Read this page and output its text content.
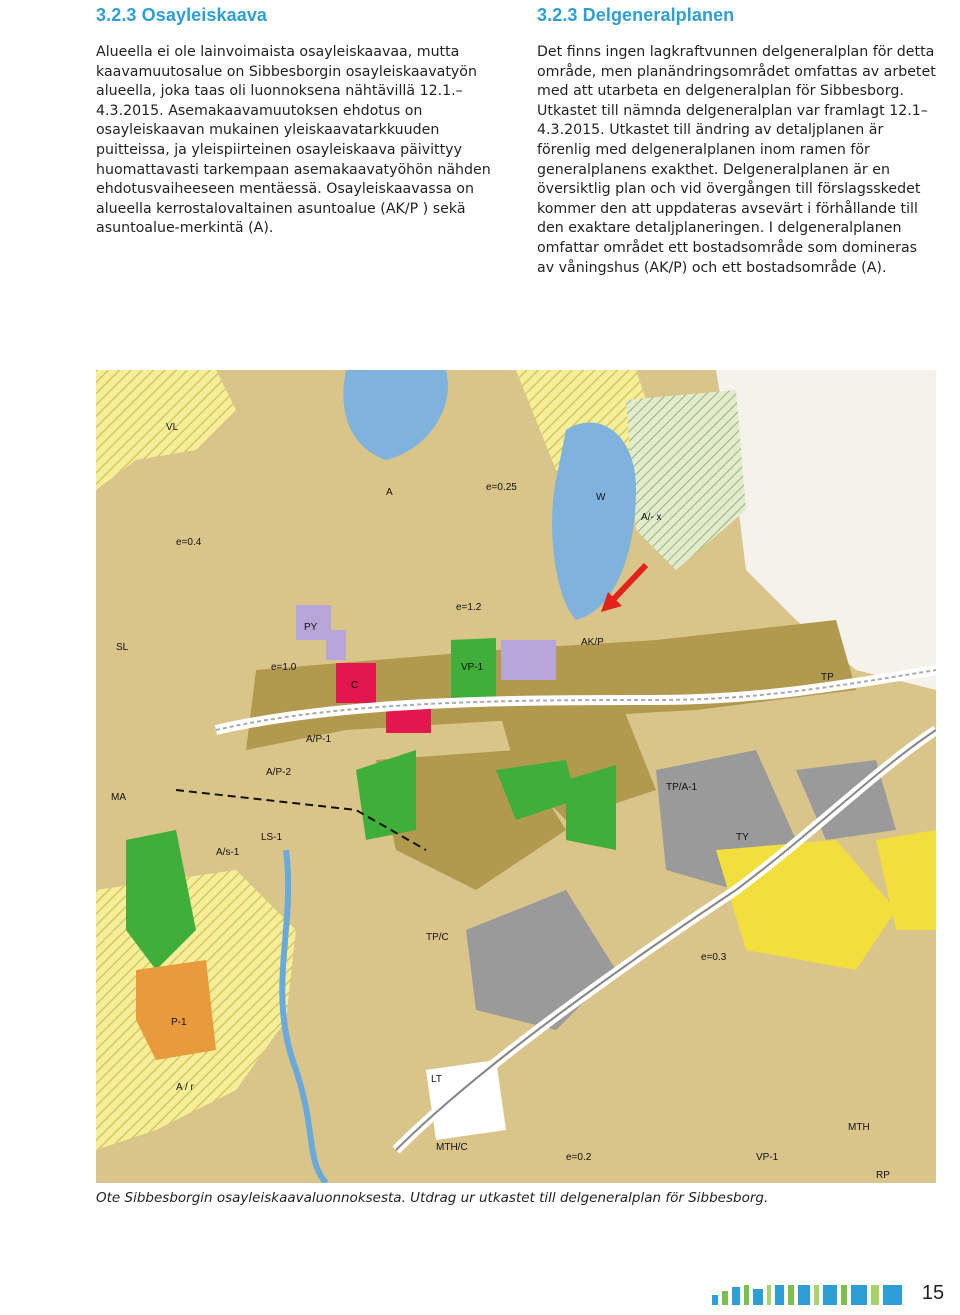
3.2.3 Osayleiskaava

Alueella ei ole lainvoimaista osayleiskaavaa, mutta kaavamuutosalue on Sibbesborgin osayleiskaavatyön alueella, joka taas oli luonnoksena nähtävillä 12.1.–4.3.2015. Asemakaavamuutoksen ehdotus on osayleiskaavan mukainen yleiskaavatarkkuuden puitteissa, ja yleispiirteinen osayleiskaava päivittyy huomattavasti tarkempaan asemakaavatyöhön nähden ehdotusvaiheeseen mentäessä. Osayleiskaavassa on alueella kerrostalovaltainen asuntoalue (AK/P ) sekä asuntoalue-merkintä (A).

3.2.3 Delgeneralplanen

Det finns ingen lagkraftvunnen delgeneralplan för detta område, men planändringsområdet omfattas av arbetet med att utarbeta en delgeneralplan för Sibbesborg. Utkastet till nämnda delgeneralplan var framlagt 12.1–4.3.2015. Utkastet till ändring av detaljplanen är förenlig med delgeneralplanen inom ramen för generalplanens exakthet. Delgeneralplanen är en översiktlig plan och vid övergången till förslagsskedet kommer den att uppdateras avsevärt i förhållande till den exaktare detaljplaneringen. I delgeneralplanen omfattar området ett bostadsområde som domineras av våningshus (AK/P) och ett bostadsområde (A).

VL
W
A	e=0.25
e=0.4
e=1.2
A/- x
PY
SL
e=1.0
C
AK/P
A/P-1
VP-1
A/P-2
TP
TP/A-1
TY
MA
LS-1
A/s-1
TP/C
P-1
LT
MTH/C
MTH
VP-1
RP
A / r
e=0.3
e=0.2
Ote Sibbesborgin osayleiskaavaluonnoksesta. Utdrag ur utkastet till delgeneralplan för Sibbesborg.
15
